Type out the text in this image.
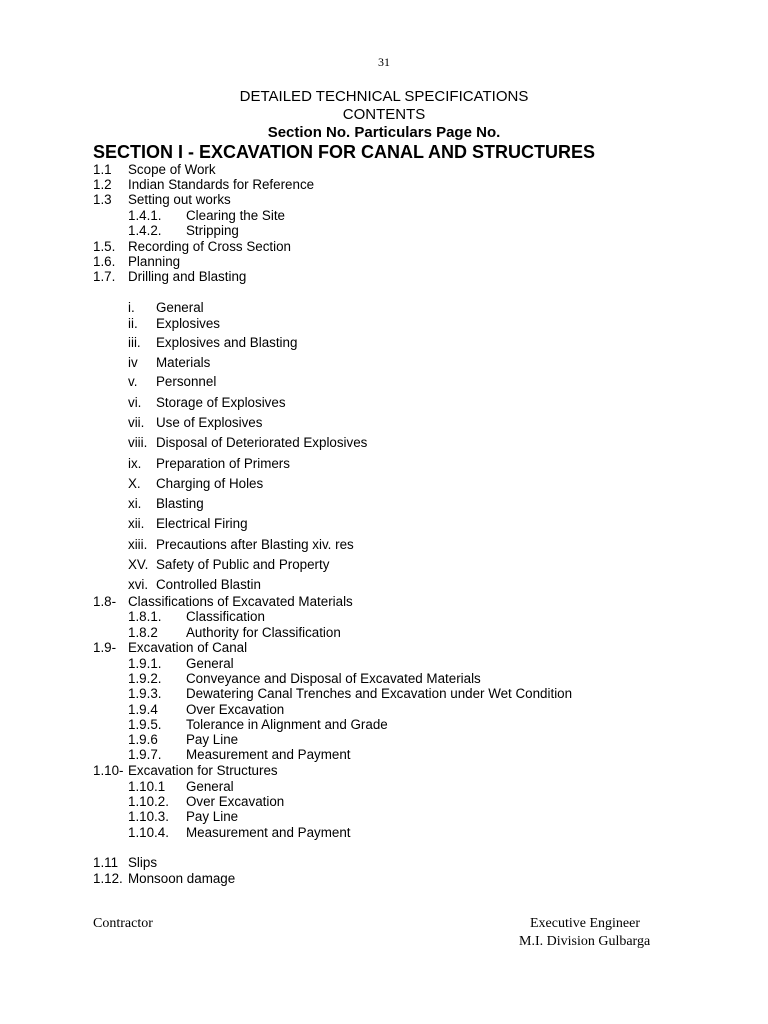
31
DETAILED TECHNICAL SPECIFICATIONS
CONTENTS
Section No. Particulars Page No.
SECTION I - EXCAVATION FOR CANAL AND STRUCTURES
1.1 Scope of Work
1.2 Indian Standards for Reference
1.3 Setting out works
1.4.1. Clearing the Site
1.4.2. Stripping
1.5. Recording of Cross Section
1.6. Planning
1.7. Drilling and Blasting
i. General
ii. Explosives
iii. Explosives and Blasting
iv Materials
v. Personnel
vi. Storage of Explosives
vii. Use of Explosives
viii. Disposal of Deteriorated Explosives
ix. Preparation of Primers
X. Charging of Holes
xi. Blasting
xii. Electrical Firing
xiii. Precautions after Blasting xiv. res
XV. Safety of Public and Property
xvi. Controlled Blastin
1.8- Classifications of Excavated Materials
1.8.1. Classification
1.8.2 Authority for Classification
1.9- Excavation of Canal
1.9.1. General
1.9.2. Conveyance and Disposal of Excavated Materials
1.9.3. Dewatering Canal Trenches and Excavation under Wet Condition
1.9.4 Over Excavation
1.9.5. Tolerance in Alignment and Grade
1.9.6 Pay Line
1.9.7. Measurement and Payment
1.10- Excavation for Structures
1.10.1 General
1.10.2. Over Excavation
1.10.3. Pay Line
1.10.4. Measurement and Payment
1.11 Slips
1.12. Monsoon damage
Contractor	Executive Engineer
M.I. Division Gulbarga
